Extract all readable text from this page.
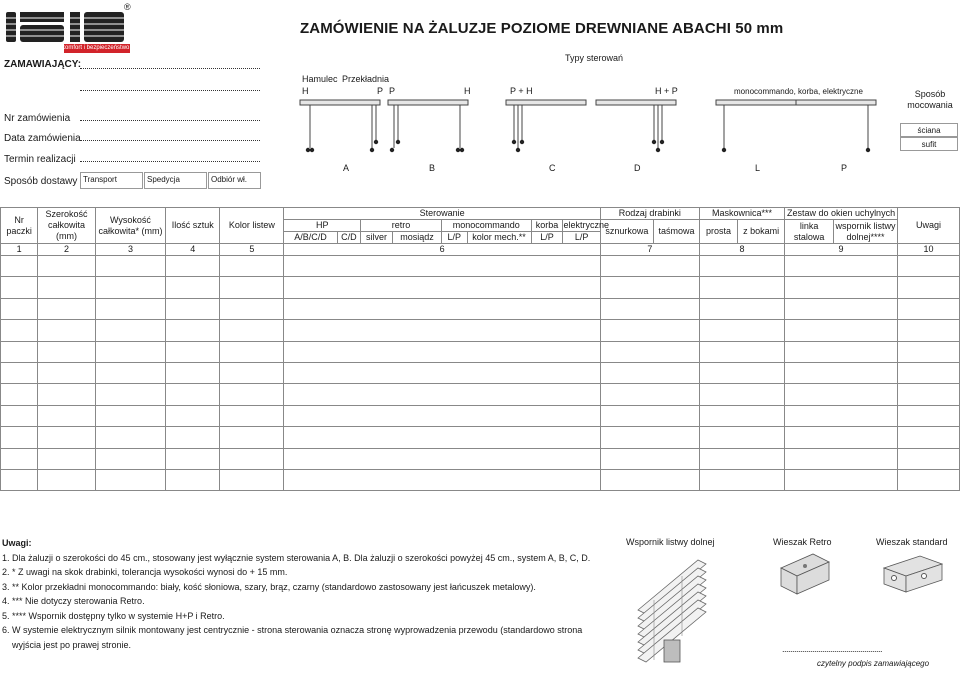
komfort i bezpieczeństwo
®
ZAMÓWIENIE NA ŻALUZJE POZIOME DREWNIANE ABACHI 50 mm
ZAMAWIAJĄCY:
Nr zamówienia
Data zamówienia
Termin realizacji
Sposób dostawy Transport	Spedycja	Odbiór wł.
Typy sterowań
Hamulec Przekładnia
H	P P	H	P + H	H + P	monocommando, korba, elektryczne
A	B	C	D	L	P
Sposób
mocowania
ściana
sufit
Nr paczki	Szerokość całkowita (mm)	Wysokość całkowita* (mm)	Ilość sztuk	Kolor listew	Sterowanie								Rodzaj drabinki		Maskownica***		Zestaw do okien uchylnych		Uwagi
					HP		retro		monocommando		korba	elektryczne	sznurkowa	taśmowa	prosta	z bokami	linka stalowa	wspornik listwy dolnej****	
					A/B/C/D	C/D	silver	mosiądz	L/P	kolor mech.**	L/P	L/P							
1	2	3	4	5	6								7		8		9		10

Uwagi:
1. Dla żaluzji o szerokości do 45 cm., stosowany jest wyłącznie system sterowania A, B. Dla żaluzji o szerokości powyżej 45 cm., system A, B, C, D.
2. * Z uwagi na skok drabinki, tolerancja wysokości wynosi do + 15 mm.
3. ** Kolor przekładni monocommando: biały, kość słoniowa, szary, brąz, czarny (standardowo zastosowany jest łańcuszek metalowy).
4. *** Nie dotyczy sterowania Retro.
5. **** Wspornik dostępny tylko w systemie H+P i Retro.
6. W systemie elektrycznym silnik montowany jest centrycznie - strona sterowania oznacza stronę wyprowadzenia przewodu (standardowo strona
wyjścia jest po prawej stronie.
Wspornik listwy dolnej	Wieszak Retro	Wieszak standard
..................................................
czytelny podpis zamawiającego
